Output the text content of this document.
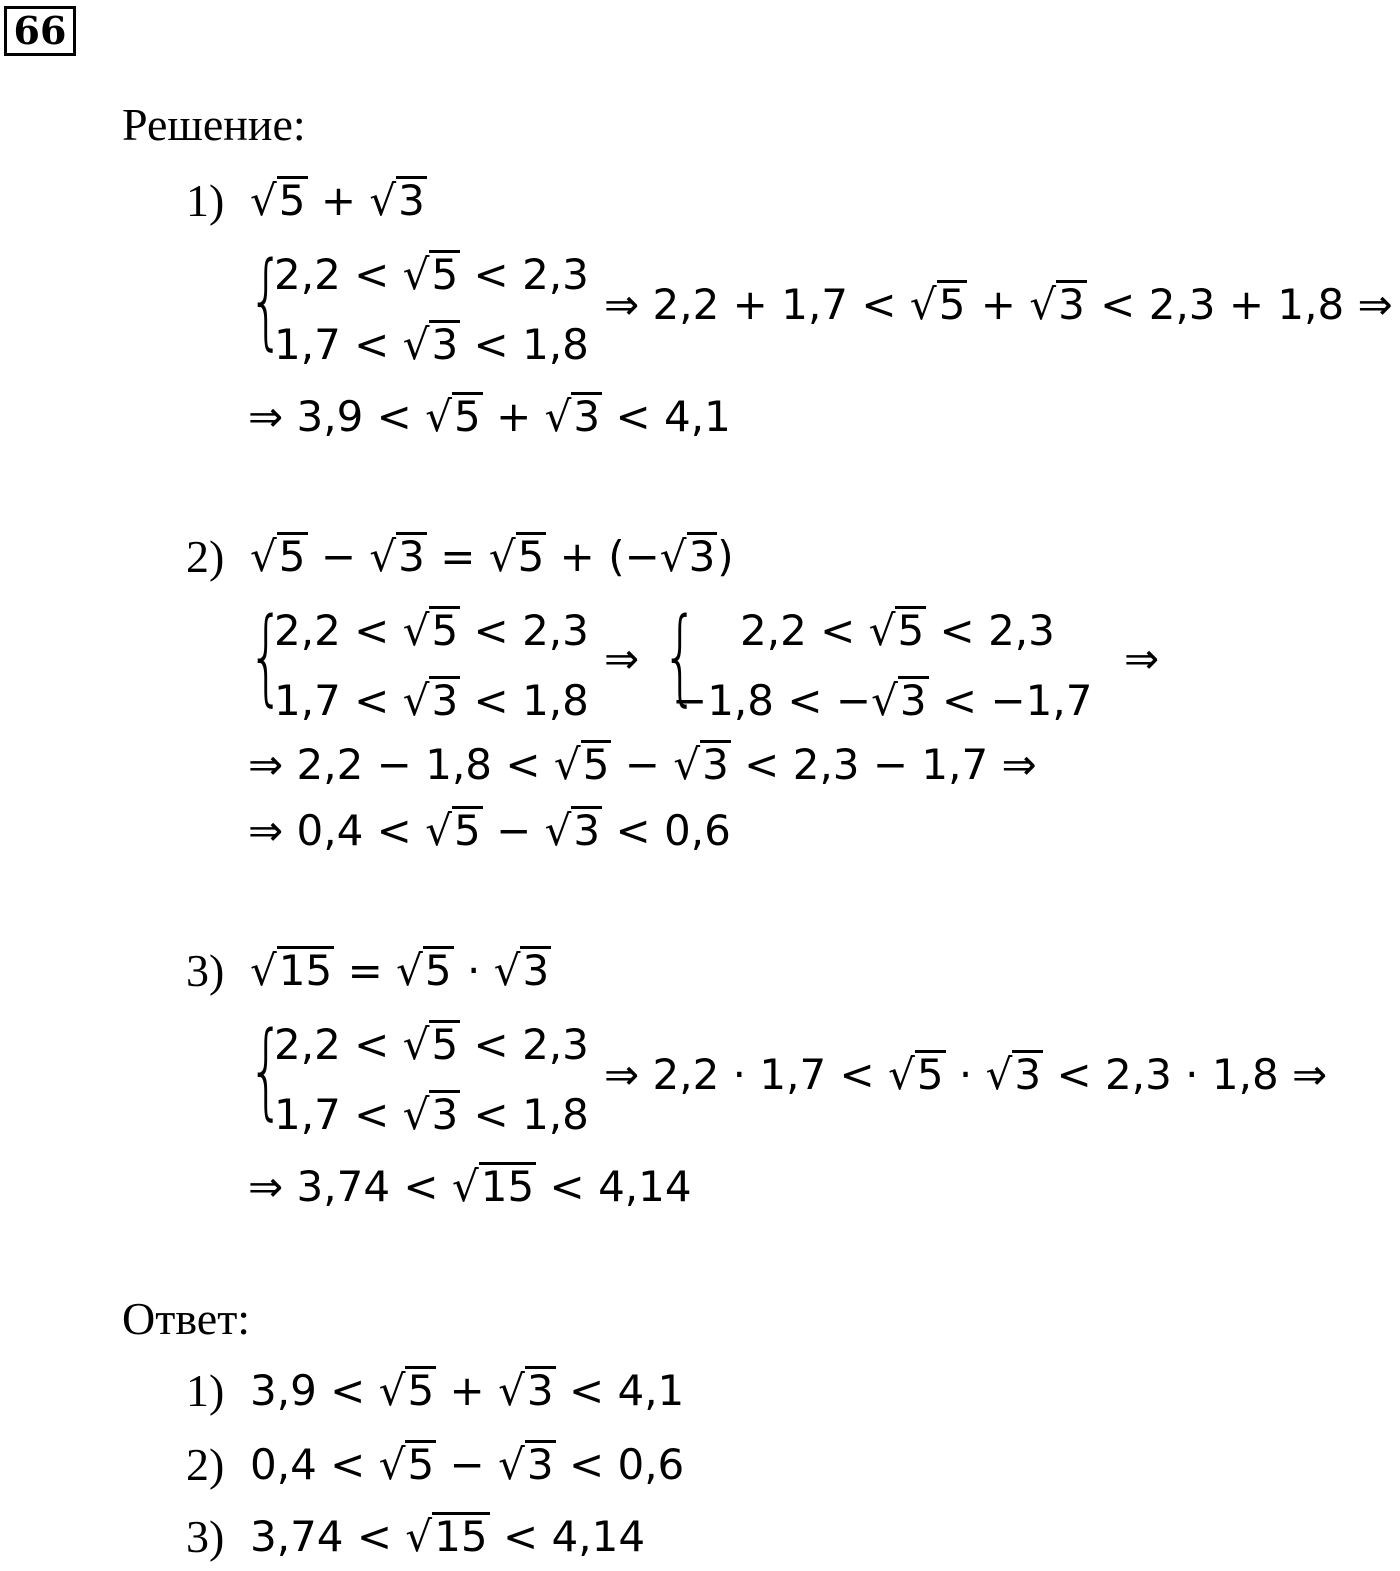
66
Решение:
1) √5 + √3
{
2,2 < √5 < 2,3
1,7 < √3 < 1,8
⇒ 2,2 + 1,7 < √5 + √3 < 2,3 + 1,8 ⇒
⇒ 3,9 < √5 + √3 < 4,1
2) √5 − √3 = √5 + (−√3)
{
2,2 < √5 < 2,3
1,7 < √3 < 1,8
⇒ { 2,2 < √5 < 2,3
−1,8 < −√3 < −1,7
⇒
⇒ 2,2 − 1,8 < √5 − √3 < 2,3 − 1,7 ⇒
⇒ 0,4 < √5 − √3 < 0,6
3) √15 = √5 · √3
{
2,2 < √5 < 2,3
1,7 < √3 < 1,8
⇒ 2,2 · 1,7 < √5 · √3 < 2,3 · 1,8 ⇒
⇒ 3,74 < √15 < 4,14
Ответ:
1) 3,9 < √5 + √3 < 4,1
2) 0,4 < √5 − √3 < 0,6
3) 3,74 < √15 < 4,14
